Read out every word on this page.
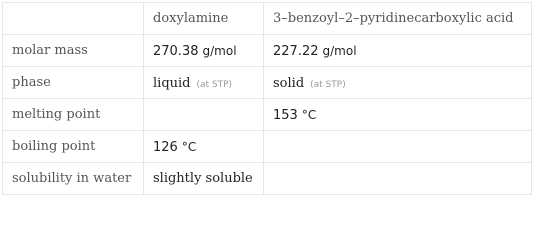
	doxylamine	3–benzoyl–2–pyridinecarboxylic acid
molar mass	270.38 g/mol	227.22 g/mol
phase	liquid (at STP)	solid (at STP)
melting point		153 °C
boiling point	126 °C	
solubility in water	slightly soluble	
